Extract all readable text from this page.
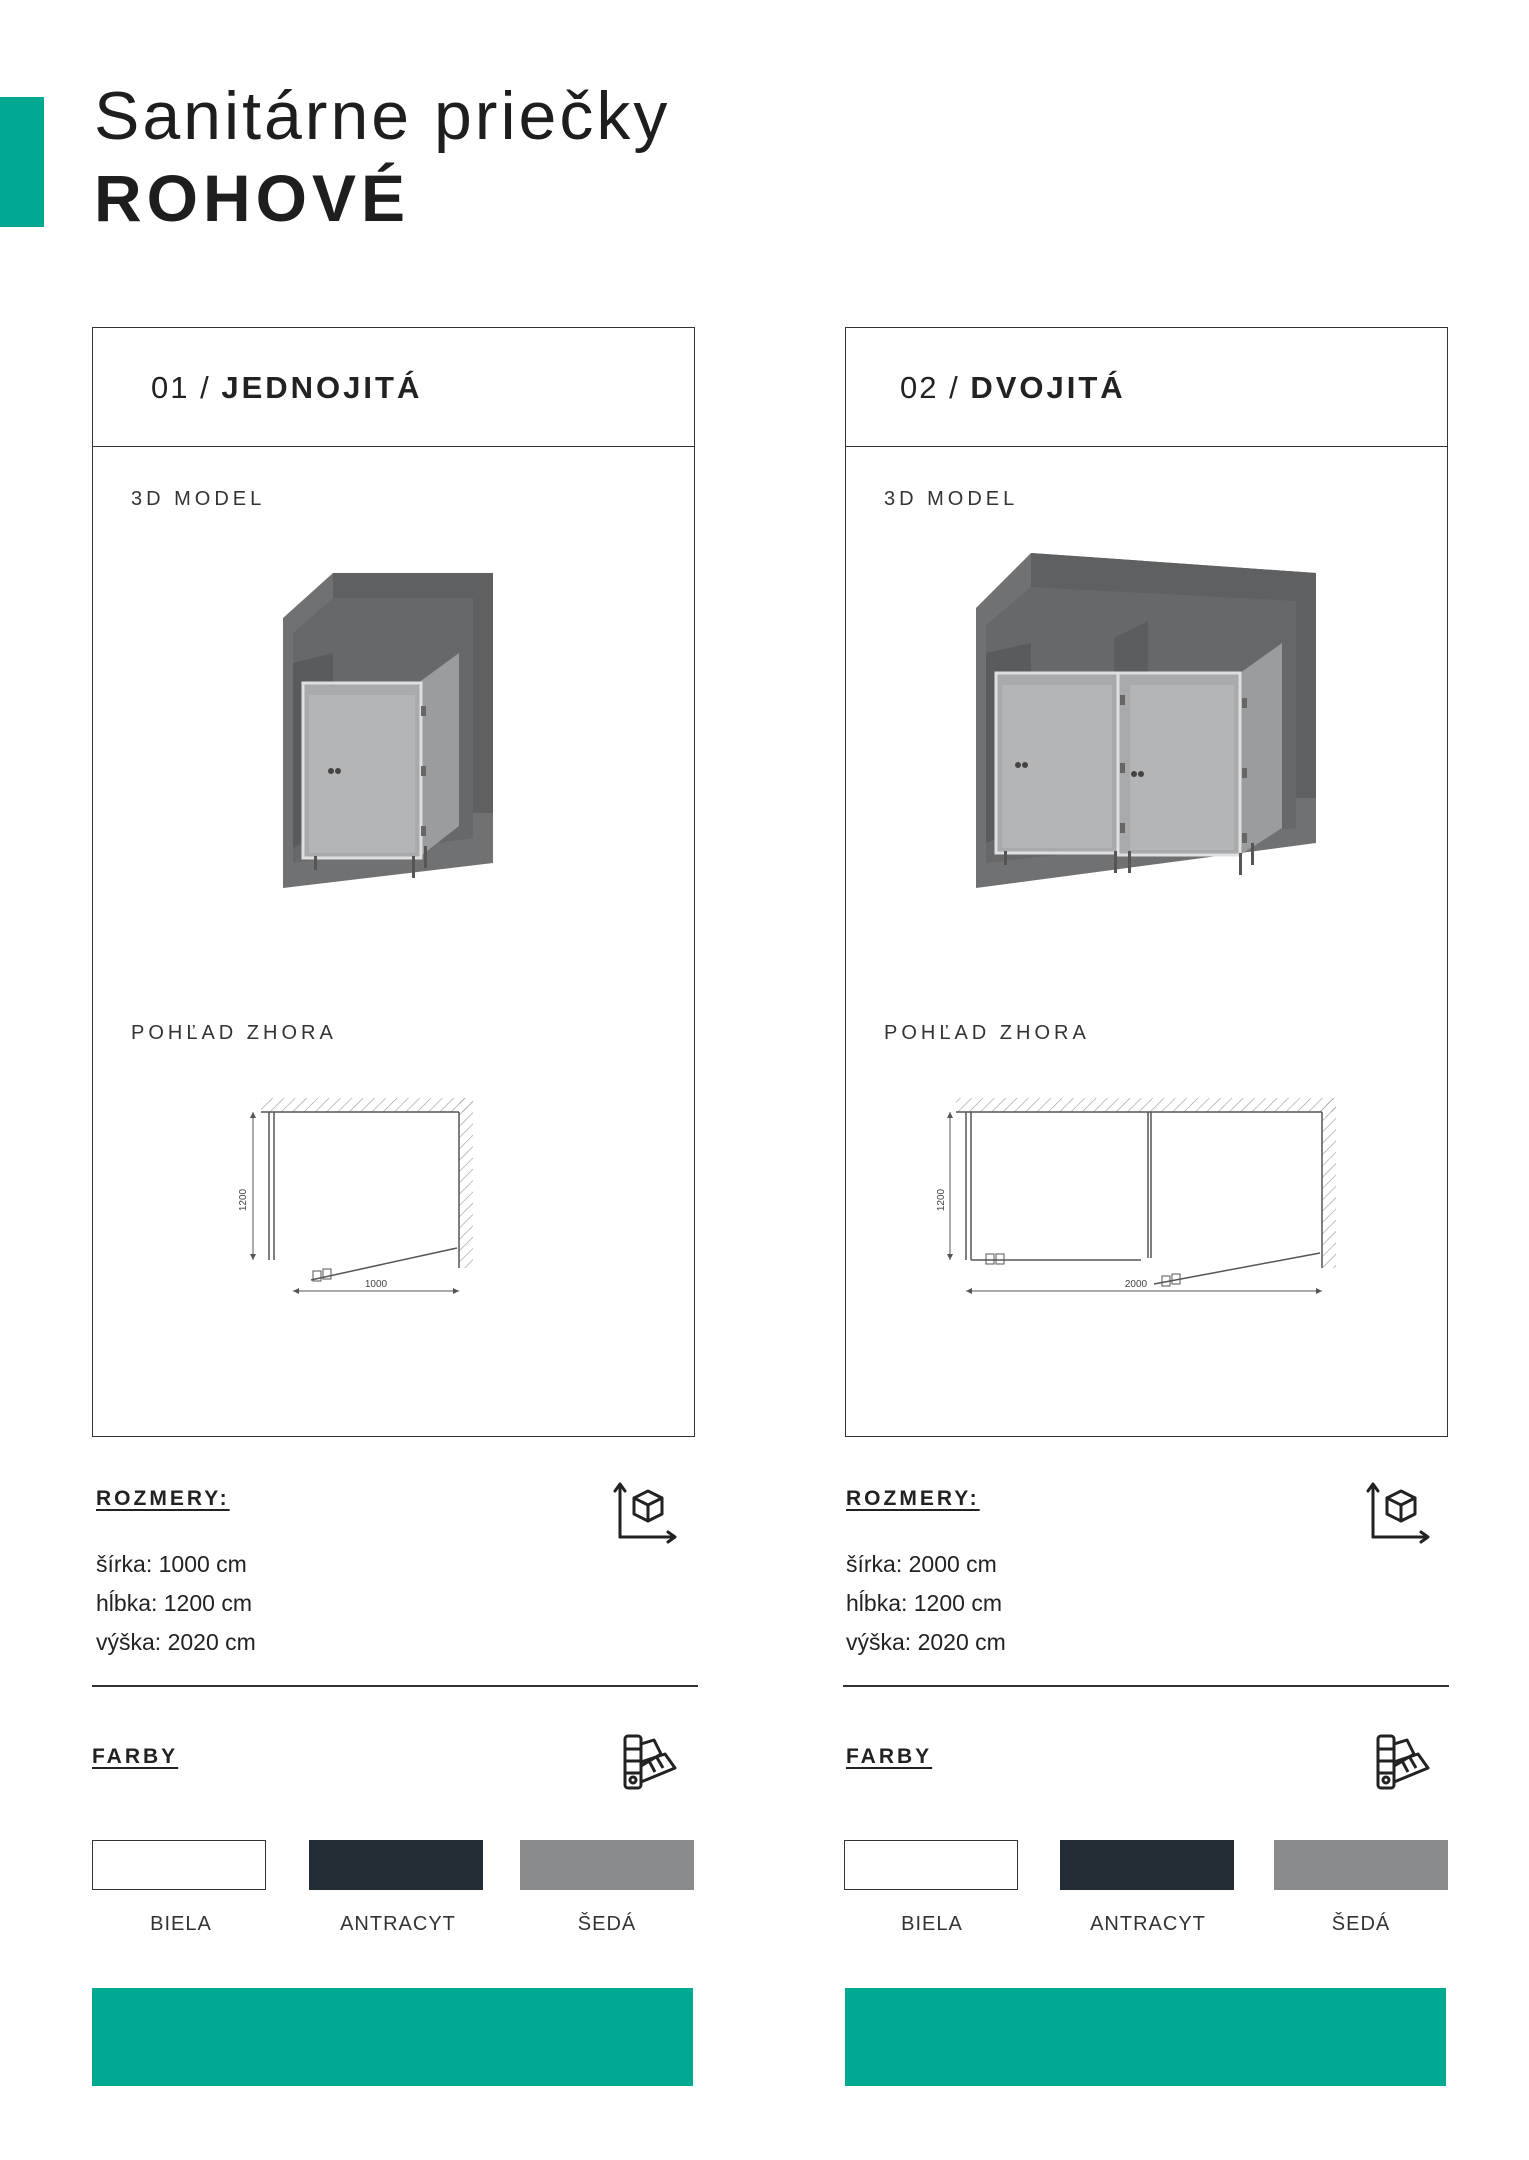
Sanitárne priečky
ROHOVÉ
01 / JEDNOJITÁ
3D MODEL
POHĽAD ZHORA
1200
1000
ROZMERY:
šírka: 1000 cm
hĺbka: 1200 cm
výška: 2020 cm
FARBY
BIELA	ANTRACYT	ŠEDÁ
02 / DVOJITÁ
3D MODEL
POHĽAD ZHORA
1200
2000
ROZMERY:
šírka: 2000 cm
hĺbka: 1200 cm
výška: 2020 cm
FARBY
BIELA	ANTRACYT	ŠEDÁ
